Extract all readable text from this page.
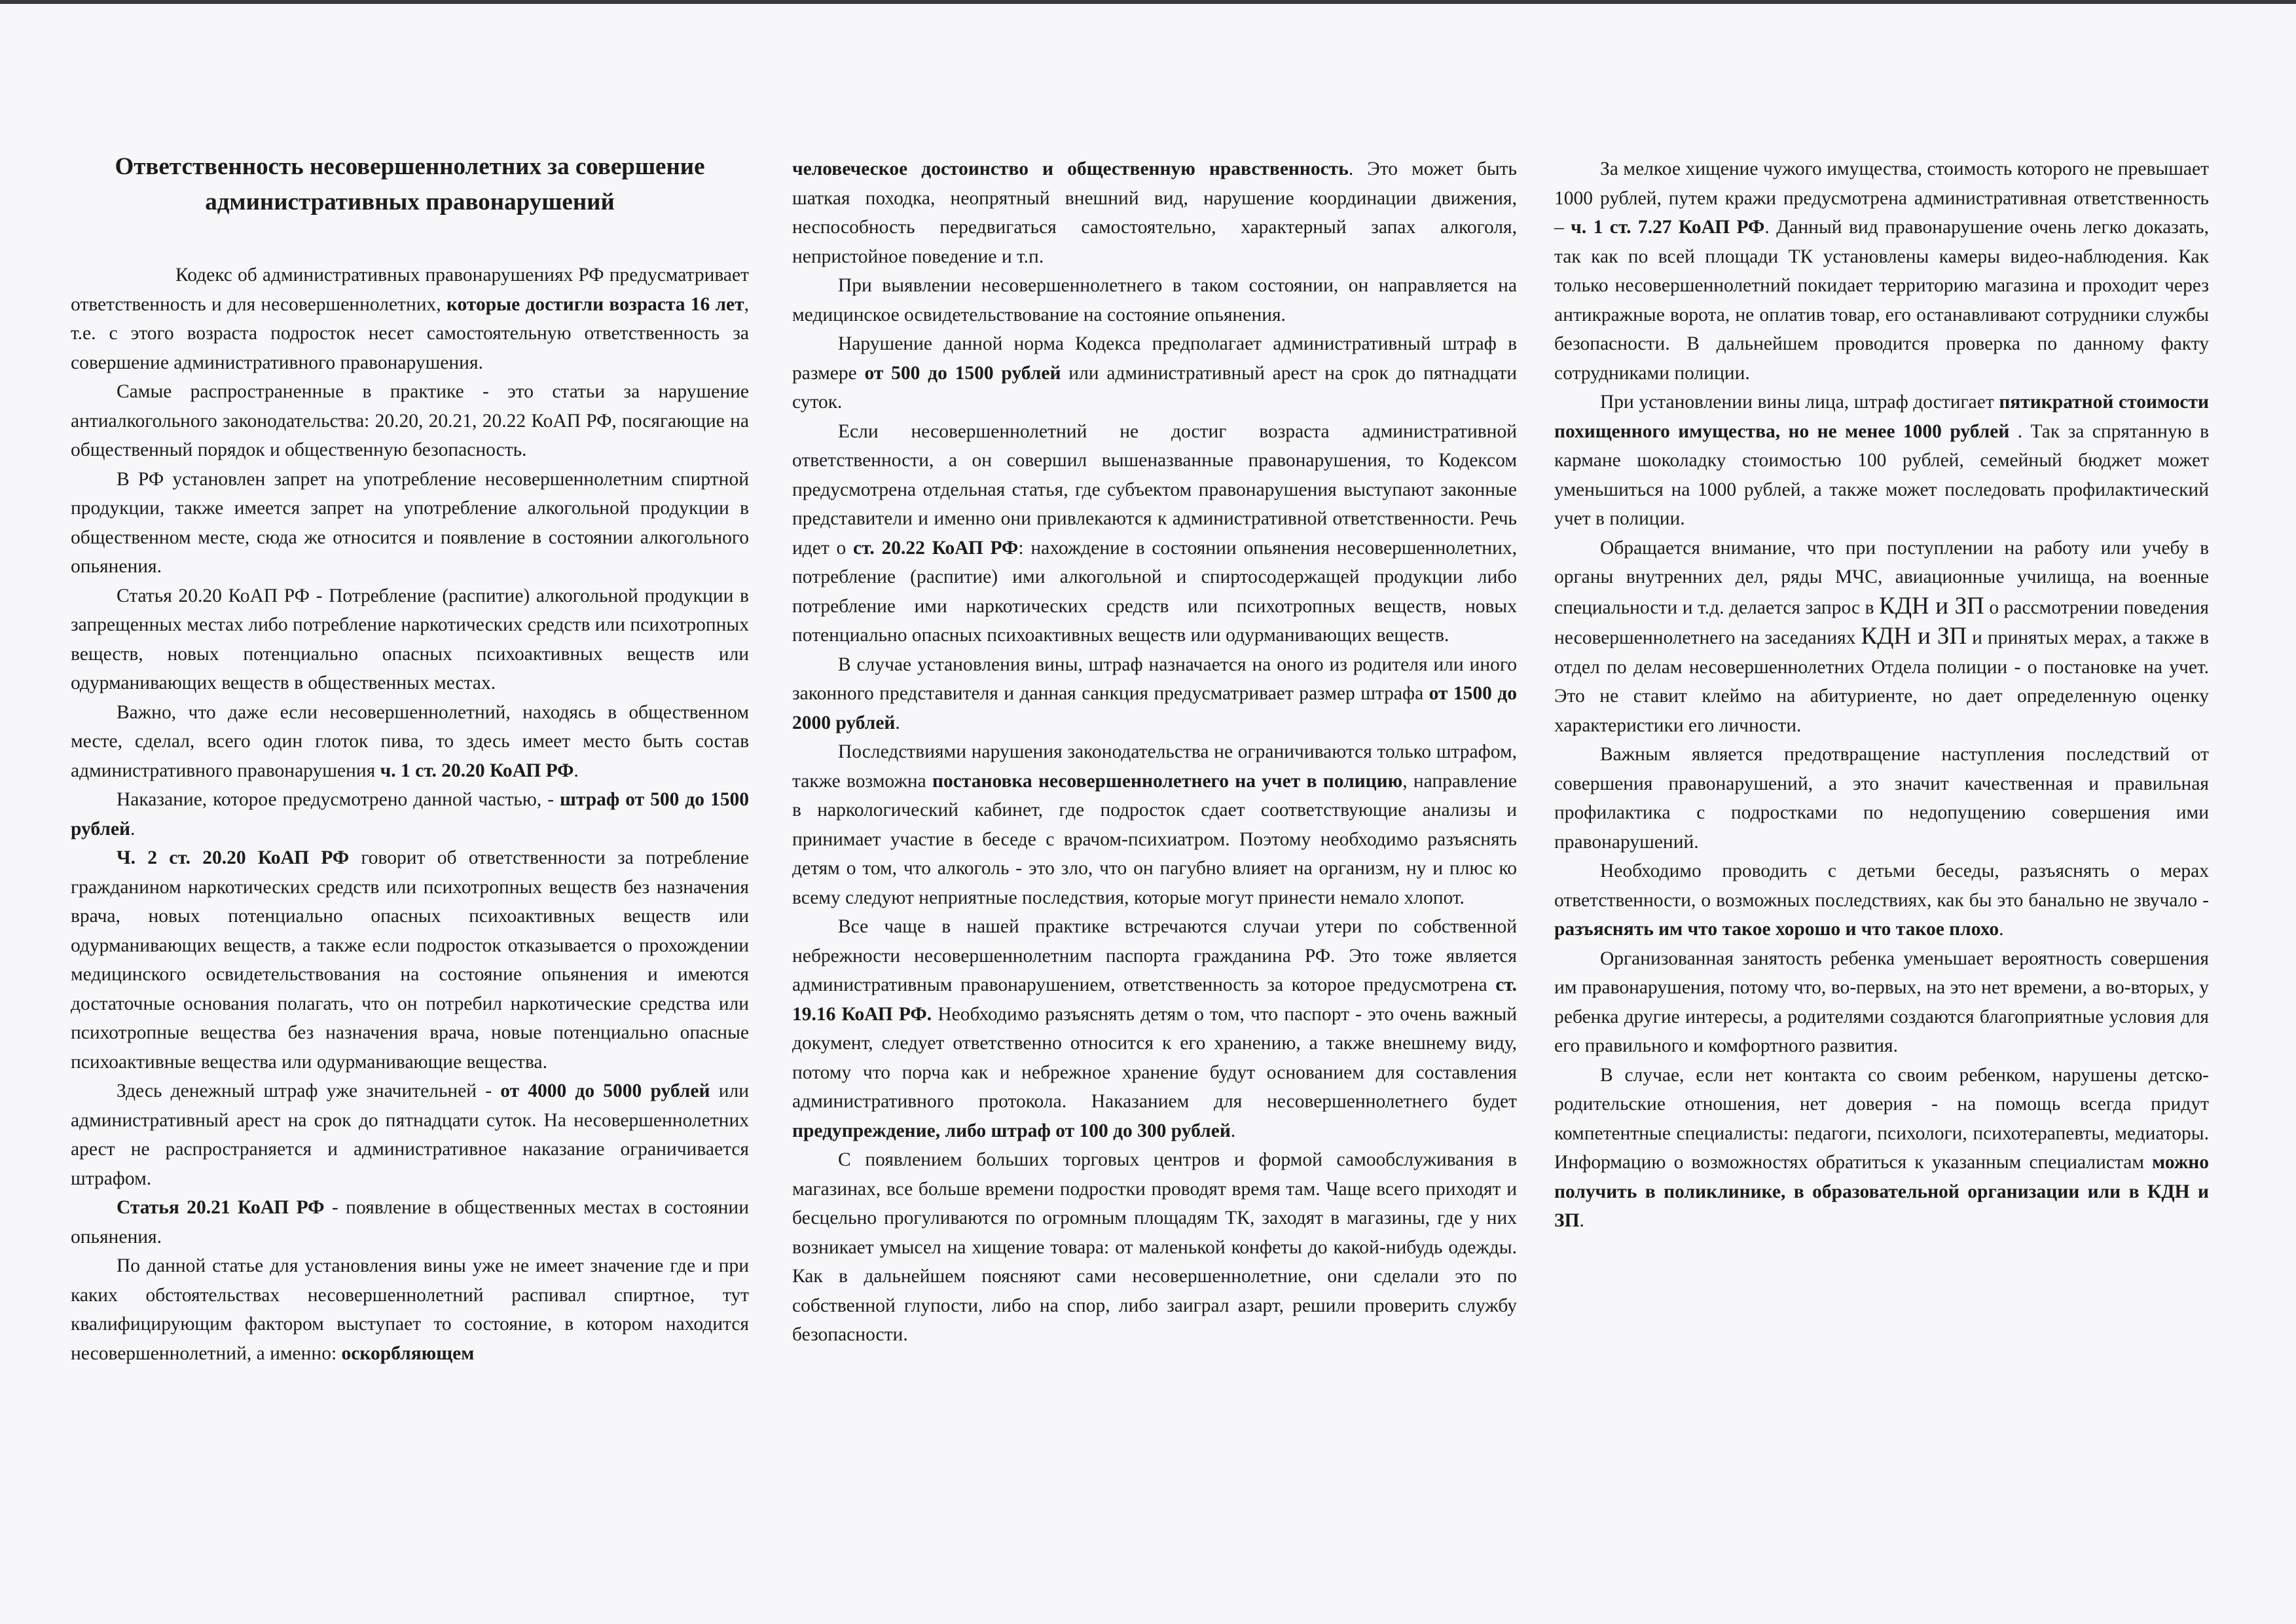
Ответственность несовершеннолетних за совершение административных правонарушений

Кодекс об административных правонарушениях РФ предусматривает ответственность и для несовершеннолетних, которые достигли возраста 16 лет, т.е. с этого возраста подросток несет самостоятельную ответственность за совершение административного правонарушения.

Самые распространенные в практике - это статьи за нарушение антиалкогольного законодательства: 20.20, 20.21, 20.22 КоАП РФ, посягающие на общественный порядок и общественную безопасность.

В РФ установлен запрет на употребление несовершеннолетним спиртной продукции, также имеется запрет на употребление алкогольной продукции в общественном месте, сюда же относится и появление в состоянии алкогольного опьянения.

Статья 20.20 КоАП РФ - Потребление (распитие) алкогольной продукции в запрещенных местах либо потребление наркотических средств или психотропных веществ, новых потенциально опасных психоактивных веществ или одурманивающих веществ в общественных местах.

Важно, что даже если несовершеннолетний, находясь в общественном месте, сделал, всего один глоток пива, то здесь имеет место быть состав административного правонарушения ч. 1 ст. 20.20 КоАП РФ.

Наказание, которое предусмотрено данной частью, - штраф от 500 до 1500 рублей.

Ч. 2 ст. 20.20 КоАП РФ говорит об ответственности за потребление гражданином наркотических средств или психотропных веществ без назначения врача, новых потенциально опасных психоактивных веществ или одурманивающих веществ, а также если подросток отказывается о прохождении медицинского освидетельствования на состояние опьянения и имеются достаточные основания полагать, что он потребил наркотические средства или психотропные вещества без назначения врача, новые потенциально опасные психоактивные вещества или одурманивающие вещества.

Здесь денежный штраф уже значительней - от 4000 до 5000 рублей или административный арест на срок до пятнадцати суток. На несовершеннолетних арест не распространяется и административное наказание ограничивается штрафом.

Статья 20.21 КоАП РФ - появление в общественных местах в состоянии опьянения.

По данной статье для установления вины уже не имеет значение где и при каких обстоятельствах несовершеннолетний распивал спиртное, тут квалифицирующим фактором выступает то состояние, в котором находится несовершеннолетний, а именно: оскорбляющем

человеческое достоинство и общественную нравственность. Это может быть шаткая походка, неопрятный внешний вид, нарушение координации движения, неспособность передвигаться самостоятельно, характерный запах алкоголя, непристойное поведение и т.п.

При выявлении несовершеннолетнего в таком состоянии, он направляется на медицинское освидетельствование на состояние опьянения.

Нарушение данной норма Кодекса предполагает административный штраф в размере от 500 до 1500 рублей или административный арест на срок до пятнадцати суток.

Если несовершеннолетний не достиг возраста административной ответственности, а он совершил вышеназванные правонарушения, то Кодексом предусмотрена отдельная статья, где субъектом правонарушения выступают законные представители и именно они привлекаются к административной ответственности. Речь идет о ст. 20.22 КоАП РФ: нахождение в состоянии опьянения несовершеннолетних, потребление (распитие) ими алкогольной и спиртосодержащей продукции либо потребление ими наркотических средств или психотропных веществ, новых потенциально опасных психоактивных веществ или одурманивающих веществ.

В случае установления вины, штраф назначается на оного из родителя или иного законного представителя и данная санкция предусматривает размер штрафа от 1500 до 2000 рублей.

Последствиями нарушения законодательства не ограничиваются только штрафом, также возможна постановка несовершеннолетнего на учет в полицию, направление в наркологический кабинет, где подросток сдает соответствующие анализы и принимает участие в беседе с врачом-психиатром. Поэтому необходимо разъяснять детям о том, что алкоголь - это зло, что он пагубно влияет на организм, ну и плюс ко всему следуют неприятные последствия, которые могут принести немало хлопот.

Все чаще в нашей практике встречаются случаи утери по собственной небрежности несовершеннолетним паспорта гражданина РФ. Это тоже является административным правонарушением, ответственность за которое предусмотрена ст. 19.16 КоАП РФ. Необходимо разъяснять детям о том, что паспорт - это очень важный документ, следует ответственно относится к его хранению, а также внешнему виду, потому что порча как и небрежное хранение будут основанием для составления административного протокола. Наказанием для несовершеннолетнего будет предупреждение, либо штраф от 100 до 300 рублей.

С появлением больших торговых центров и формой самообслуживания в магазинах, все больше времени подростки проводят время там. Чаще всего приходят и бесцельно прогуливаются по огромным площадям ТК, заходят в магазины, где у них возникает умысел на хищение товара: от маленькой конфеты до какой-нибудь одежды. Как в дальнейшем поясняют сами несовершеннолетние, они сделали это по собственной глупости, либо на спор, либо заиграл азарт, решили проверить службу безопасности.

За мелкое хищение чужого имущества, стоимость которого не превышает 1000 рублей, путем кражи предусмотрена административная ответственность – ч. 1 ст. 7.27 КоАП РФ. Данный вид правонарушение очень легко доказать, так как по всей площади ТК установлены камеры видео-наблюдения. Как только несовершеннолетний покидает территорию магазина и проходит через антикражные ворота, не оплатив товар, его останавливают сотрудники службы безопасности. В дальнейшем проводится проверка по данному факту сотрудниками полиции.

При установлении вины лица, штраф достигает пятикратной стоимости похищенного имущества, но не менее 1000 рублей . Так за спрятанную в кармане шоколадку стоимостью 100 рублей, семейный бюджет может уменьшиться на 1000 рублей, а также может последовать профилактический учет в полиции.

Обращается внимание, что при поступлении на работу или учебу в органы внутренних дел, ряды МЧС, авиационные училища, на военные специальности и т.д. делается запрос в КДН и ЗП о рассмотрении поведения несовершеннолетнего на заседаниях КДН и ЗП и принятых мерах, а также в отдел по делам несовершеннолетних Отдела полиции - о постановке на учет. Это не ставит клеймо на абитуриенте, но дает определенную оценку характеристики его личности.

Важным является предотвращение наступления последствий от совершения правонарушений, а это значит качественная и правильная профилактика с подростками по недопущению совершения ими правонарушений.

Необходимо проводить с детьми беседы, разъяснять о мерах ответственности, о возможных последствиях, как бы это банально не звучало - разъяснять им что такое хорошо и что такое плохо.

Организованная занятость ребенка уменьшает вероятность совершения им правонарушения, потому что, во-первых, на это нет времени, а во-вторых, у ребенка другие интересы, а родителями создаются благоприятные условия для его правильного и комфортного развития.

В случае, если нет контакта со своим ребенком, нарушены детско-родительские отношения, нет доверия - на помощь всегда придут компетентные специалисты: педагоги, психологи, психотерапевты, медиаторы. Информацию о возможностях обратиться к указанным специалистам можно получить в поликлинике, в образовательной организации или в КДН и ЗП.
